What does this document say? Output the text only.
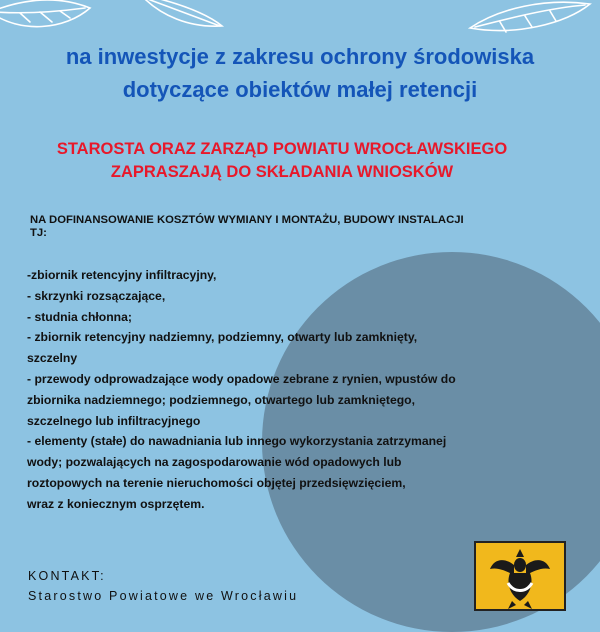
na inwestycje z zakresu ochrony środowiska
dotyczące obiektów małej retencji
STAROSTA ORAZ ZARZĄD POWIATU WROCŁAWSKIEGO
ZAPRASZAJĄ DO SKŁADANIA WNIOSKÓW
NA DOFINANSOWANIE KOSZTÓW WYMIANY I MONTAŻU, BUDOWY INSTALACJI TJ:
-zbiornik retencyjny infiltracyjny,
- skrzynki rozsączające,
- studnia chłonna;
- zbiornik retencyjny nadziemny, podziemny, otwarty lub zamknięty,
szczelny
- przewody odprowadzające wody opadowe zebrane z rynien, wpustów do
zbiornika nadziemnego; podziemnego, otwartego lub zamkniętego,
szczelnego lub infiltracyjnego
- elementy (stałe) do nawadniania lub innego wykorzystania zatrzymanej
wody; pozwalających na zagospodarowanie wód opadowych lub
roztopowych na terenie nieruchomości objętej przedsięwzięciem,
wraz z koniecznym osprzętem.
KONTAKT:
Starostwo Powiatowe we Wrocławiu
